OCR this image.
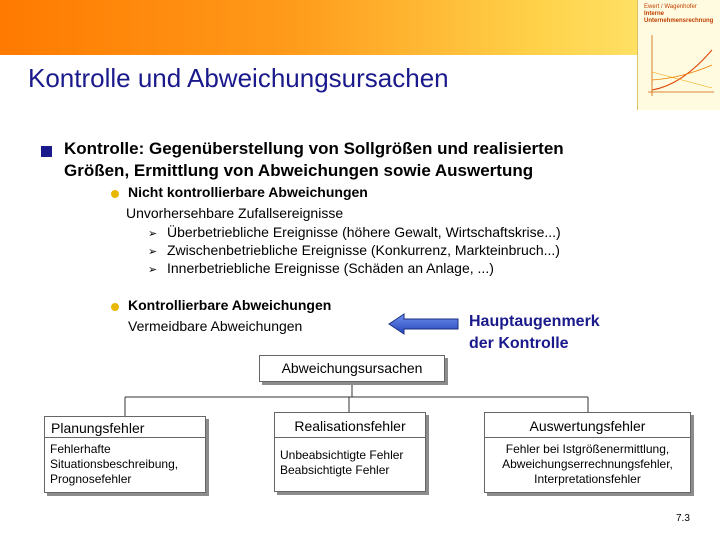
Kontrolle und Abweichungsursachen
Ewert / Wagenhofer
Interne
Unternehmensrechnung
Kontrolle: Gegenüberstellung von Sollgrößen und realisierten
Größen, Ermittlung von Abweichungen sowie Auswertung
Nicht kontrollierbare Abweichungen
Unvorhersehbare Zufallsereignisse
➢ Überbetriebliche Ereignisse (höhere Gewalt, Wirtschaftskrise...)
➢ Zwischenbetriebliche Ereignisse (Konkurrenz, Markteinbruch...)
➢ Innerbetriebliche Ereignisse (Schäden an Anlage, ...)
Kontrollierbare Abweichungen
Vermeidbare Abweichungen	Hauptaugenmerk
der Kontrolle
Abweichungsursachen
Planungsfehler
Fehlerhafte
Situationsbeschreibung,
Prognosefehler
Realisationsfehler
Unbeabsichtigte Fehler
Beabsichtigte Fehler
Auswertungsfehler
Fehler bei Istgrößenermittlung,
Abweichungserrechnungsfehler,
Interpretationsfehler
7.3
